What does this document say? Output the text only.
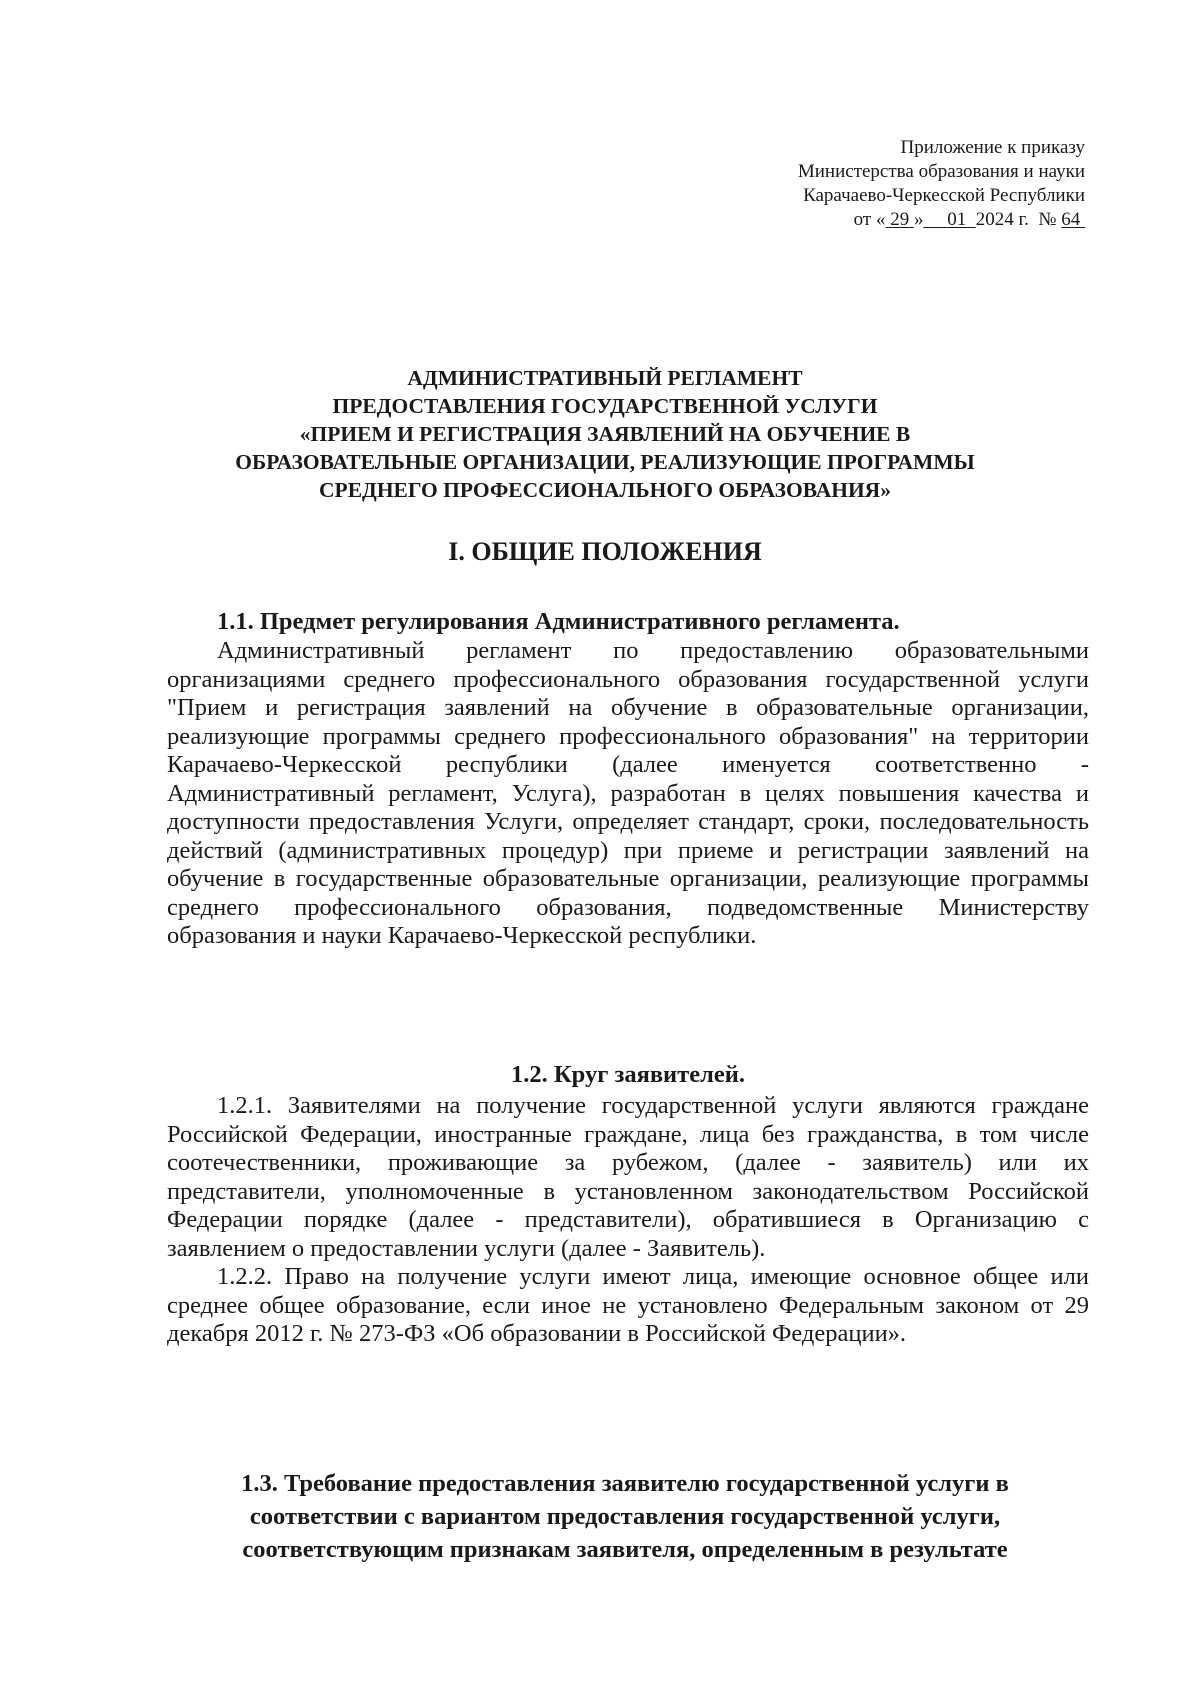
Приложение к приказу
Министерства образования и науки
Карачаево-Черкесской Республики
от « 29 » 01 2024 г. № 64
АДМИНИСТРАТИВНЫЙ РЕГЛАМЕНТ
ПРЕДОСТАВЛЕНИЯ ГОСУДАРСТВЕННОЙ УСЛУГИ
«ПРИЕМ И РЕГИСТРАЦИЯ ЗАЯВЛЕНИЙ НА ОБУЧЕНИЕ В
ОБРАЗОВАТЕЛЬНЫЕ ОРГАНИЗАЦИИ, РЕАЛИЗУЮЩИЕ ПРОГРАММЫ
СРЕДНЕГО ПРОФЕССИОНАЛЬНОГО ОБРАЗОВАНИЯ»
I. ОБЩИЕ ПОЛОЖЕНИЯ
1.1. Предмет регулирования Административного регламента.

Административный регламент по предоставлению образовательными организациями среднего профессионального образования государственной услуги "Прием и регистрация заявлений на обучение в образовательные организации, реализующие программы среднего профессионального образования" на территории Карачаево-Черкесской республики (далее именуется соответственно - Административный регламент, Услуга), разработан в целях повышения качества и доступности предоставления Услуги, определяет стандарт, сроки, последовательность действий (административных процедур) при приеме и регистрации заявлений на обучение в государственные образовательные организации, реализующие программы среднего профессионального образования, подведомственные Министерству образования и науки Карачаево-Черкесской республики.

1.2. Круг заявителей.

1.2.1. Заявителями на получение государственной услуги являются граждане Российской Федерации, иностранные граждане, лица без гражданства, в том числе соотечественники, проживающие за рубежом, (далее - заявитель) или их представители, уполномоченные в установленном законодательством Российской Федерации порядке (далее - представители), обратившиеся в Организацию с заявлением о предоставлении услуги (далее - Заявитель).

1.2.2. Право на получение услуги имеют лица, имеющие основное общее или среднее общее образование, если иное не установлено Федеральным законом от 29 декабря 2012 г. № 273-ФЗ «Об образовании в Российской Федерации».

1.3. Требование предоставления заявителю государственной услуги в
соответствии с вариантом предоставления государственной услуги,
соответствующим признакам заявителя, определенным в результате
